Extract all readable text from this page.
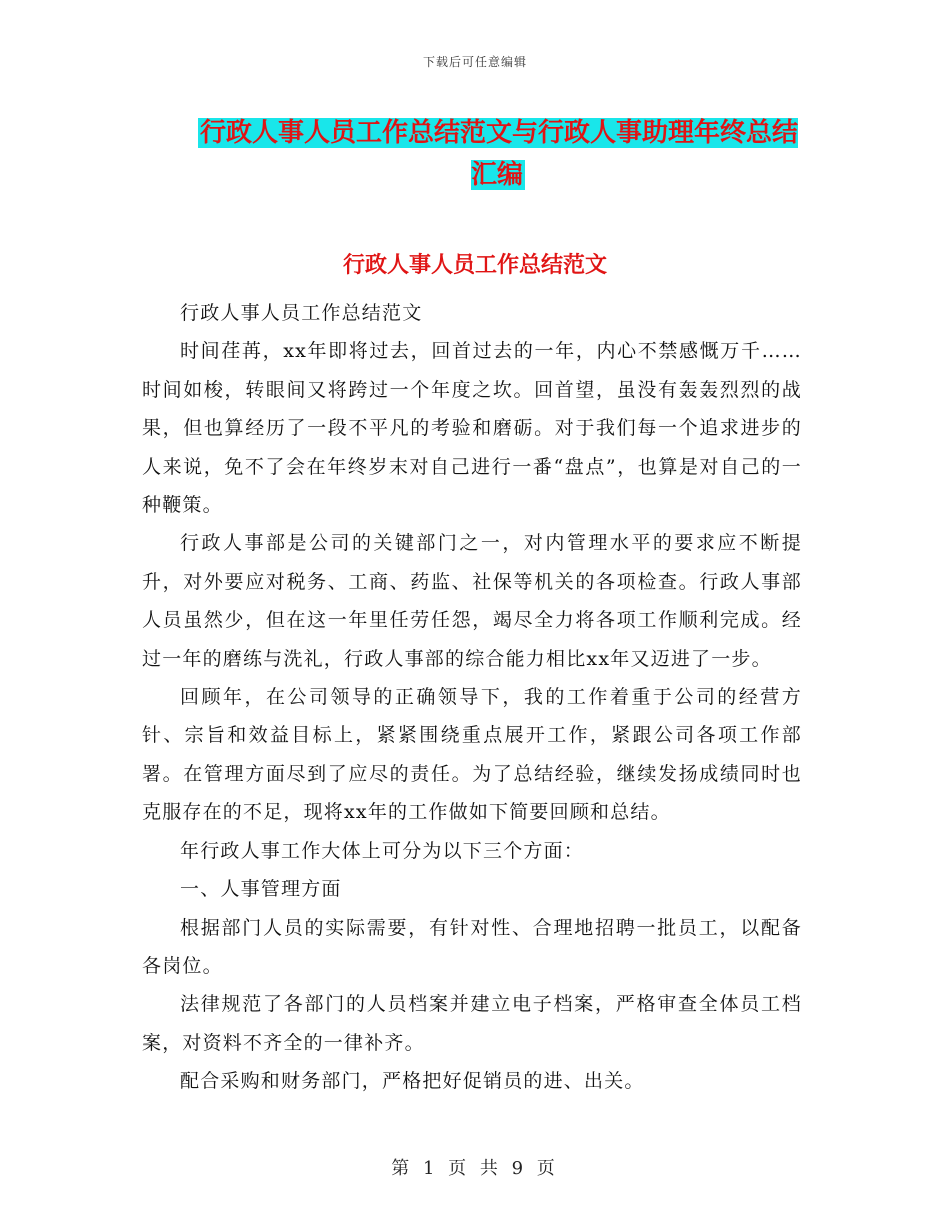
下载后可任意编辑
行政人事人员工作总结范文与行政人事助理年终总结汇编
行政人事人员工作总结范文

行政人事人员工作总结范文

时间荏苒，xx年即将过去，回首过去的一年，内心不禁感慨万千……时间如梭，转眼间又将跨过一个年度之坎。回首望，虽没有轰轰烈烈的战果，但也算经历了一段不平凡的考验和磨砺。对于我们每一个追求进步的人来说，免不了会在年终岁末对自己进行一番“盘点”，也算是对自己的一种鞭策。

行政人事部是公司的关键部门之一，对内管理水平的要求应不断提升，对外要应对税务、工商、药监、社保等机关的各项检查。行政人事部人员虽然少，但在这一年里任劳任怨，竭尽全力将各项工作顺利完成。经过一年的磨练与洗礼，行政人事部的综合能力相比xx年又迈进了一步。

回顾年，在公司领导的正确领导下，我的工作着重于公司的经营方针、宗旨和效益目标上，紧紧围绕重点展开工作，紧跟公司各项工作部署。在管理方面尽到了应尽的责任。为了总结经验，继续发扬成绩同时也克服存在的不足，现将xx年的工作做如下简要回顾和总结。

年行政人事工作大体上可分为以下三个方面：

一、人事管理方面

根据部门人员的实际需要，有针对性、合理地招聘一批员工，以配备各岗位。

法律规范了各部门的人员档案并建立电子档案，严格审查全体员工档案，对资料不齐全的一律补齐。

配合采购和财务部门，严格把好促销员的进、出关。

第 1 页 共 9 页
